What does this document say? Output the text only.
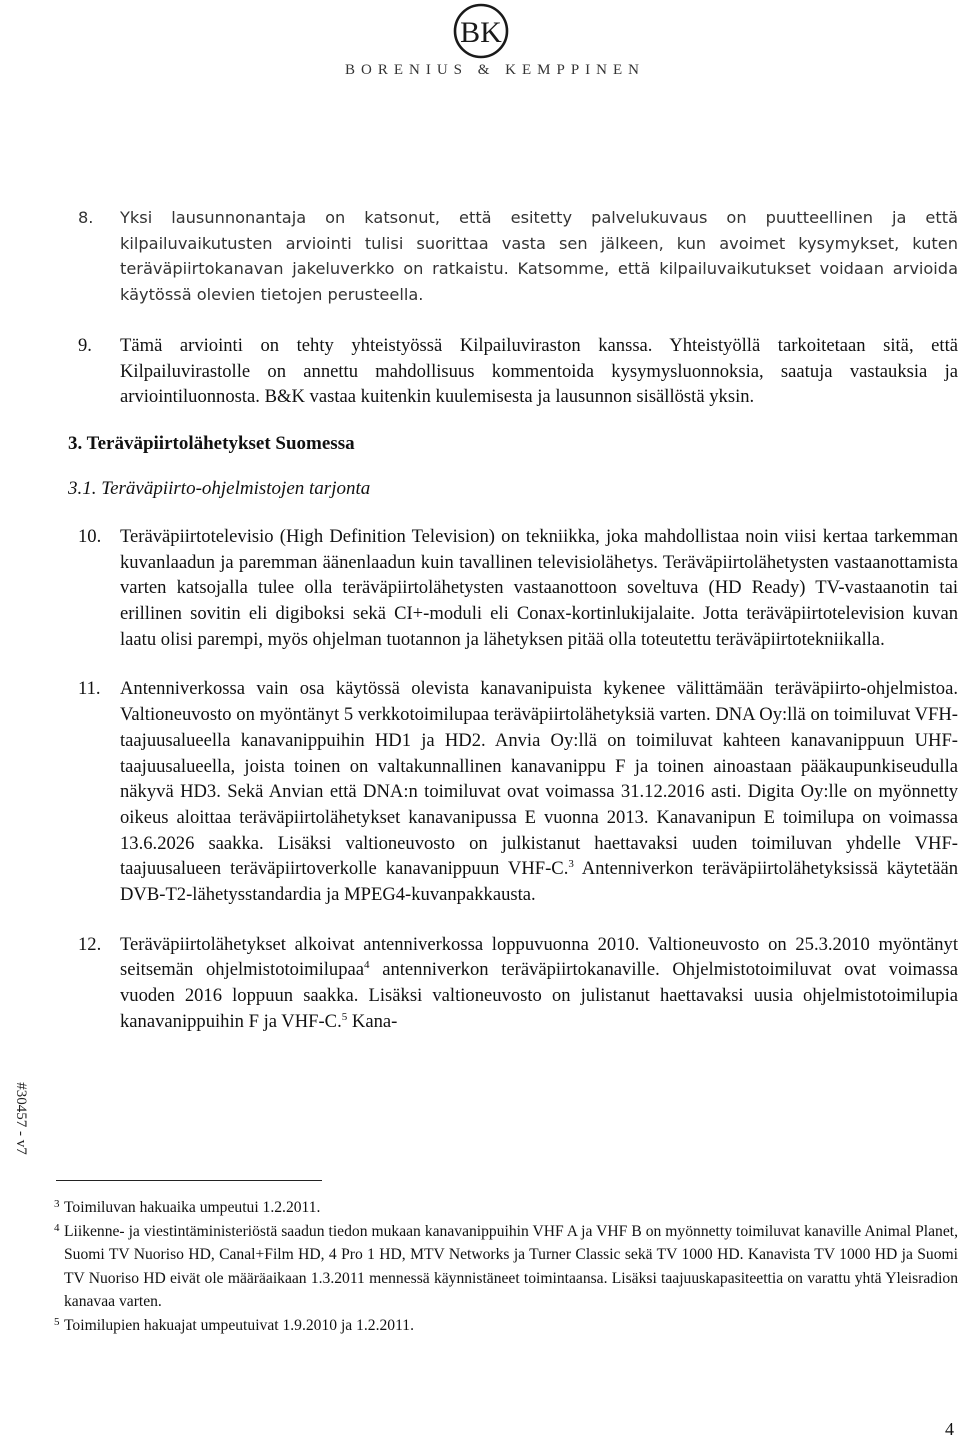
BK
BORENIUS & KEMPPINEN
#30457 - v7

8. Yksi lausunnonantaja on katsonut, että esitetty palvelukuvaus on puutteellinen ja että kilpailuvaikutusten arviointi tulisi suorittaa vasta sen jälkeen, kun avoimet kysymykset, kuten teräväpiirtokanavan jakeluverkko on ratkaistu. Katsomme, että kilpailuvaikutukset voidaan arvioida käytössä olevien tietojen perusteella.

9. Tämä arviointi on tehty yhteistyössä Kilpailuviraston kanssa. Yhteistyöllä tarkoitetaan sitä, että Kilpailuvirastolle on annettu mahdollisuus kommentoida kysymysluonnoksia, saatuja vastauksia ja arviointiluonnosta. B&K vastaa kuitenkin kuulemisesta ja lausunnon sisällöstä yksin.

3. Teräväpiirtolähetykset Suomessa
3.1. Teräväpiirto-ohjelmistojen tarjonta

10. Teräväpiirtotelevisio (High Definition Television) on tekniikka, joka mahdollistaa noin viisi kertaa tarkemman kuvanlaadun ja paremman äänenlaadun kuin tavallinen televisiolähetys. Teräväpiirtolähetysten vastaanottamista varten katsojalla tulee olla teräväpiirtolähetysten vastaanottoon soveltuva (HD Ready) TV-vastaanotin tai erillinen sovitin eli digiboksi sekä CI+-moduli eli Conax-kortinlukijalaite. Jotta teräväpiirtotelevision kuvan laatu olisi parempi, myös ohjelman tuotannon ja lähetyksen pitää olla toteutettu teräväpiirtotekniikalla.

11. Antenniverkossa vain osa käytössä olevista kanavanipuista kykenee välittämään teräväpiirto-ohjelmistoa. Valtioneuvosto on myöntänyt 5 verkkotoimilupaa teräväpiirtolähetyksiä varten. DNA Oy:llä on toimiluvat VFH-taajuusalueella kanavanippuihin HD1 ja HD2. Anvia Oy:llä on toimiluvat kahteen kanavanippuun UHF-taajuusalueella, joista toinen on valtakunnallinen kanavanippu F ja toinen ainoastaan pääkaupunkiseudulla näkyvä HD3. Sekä Anvian että DNA:n toimiluvat ovat voimassa 31.12.2016 asti. Digita Oy:lle on myönnetty oikeus aloittaa teräväpiirtolähetykset kanavanipussa E vuonna 2013. Kanavanipun E toimilupa on voimassa 13.6.2026 saakka. Lisäksi valtioneuvosto on julkistanut haettavaksi uuden toimiluvan yhdelle VHF-taajuusalueen teräväpiirtoverkolle kanavanippuun VHF-C.$^3$ Antenniverkon teräväpiirtolähetyksissä käytetään DVB-T2-lähetysstandardia ja MPEG4-kuvanpakkausta.

12. Teräväpiirtolähetykset alkoivat antenniverkossa loppuvuonna 2010. Valtioneuvosto on 25.3.2010 myöntänyt seitsemän ohjelmistotoimilupaa$^4$ antenniverkon teräväpiirtokanaville. Ohjelmistotoimiluvat ovat voimassa vuoden 2016 loppuun saakka. Lisäksi valtioneuvosto on julistanut haettavaksi uusia ohjelmistotoimilupia kanavanippuihin F ja VHF-C.$^5$ Kana-

3 Toimiluvan hakuaika umpeutui 1.2.2011.

4 Liikenne- ja viestintäministeriöstä saadun tiedon mukaan kanavanippuihin VHF A ja VHF B on myönnetty toimiluvat kanaville Animal Planet, Suomi TV Nuoriso HD, Canal+Film HD, 4 Pro 1 HD, MTV Networks ja Turner Classic sekä TV 1000 HD. Kanavista TV 1000 HD ja Suomi TV Nuoriso HD eivät ole määräaikaan 1.3.2011 mennessä käynnistäneet toimintaansa. Lisäksi taajuuskapasiteettia on varattu yhtä Yleisradion kanavaa varten.

5 Toimilupien hakuajat umpeutuivat 1.9.2010 ja 1.2.2011.

4
